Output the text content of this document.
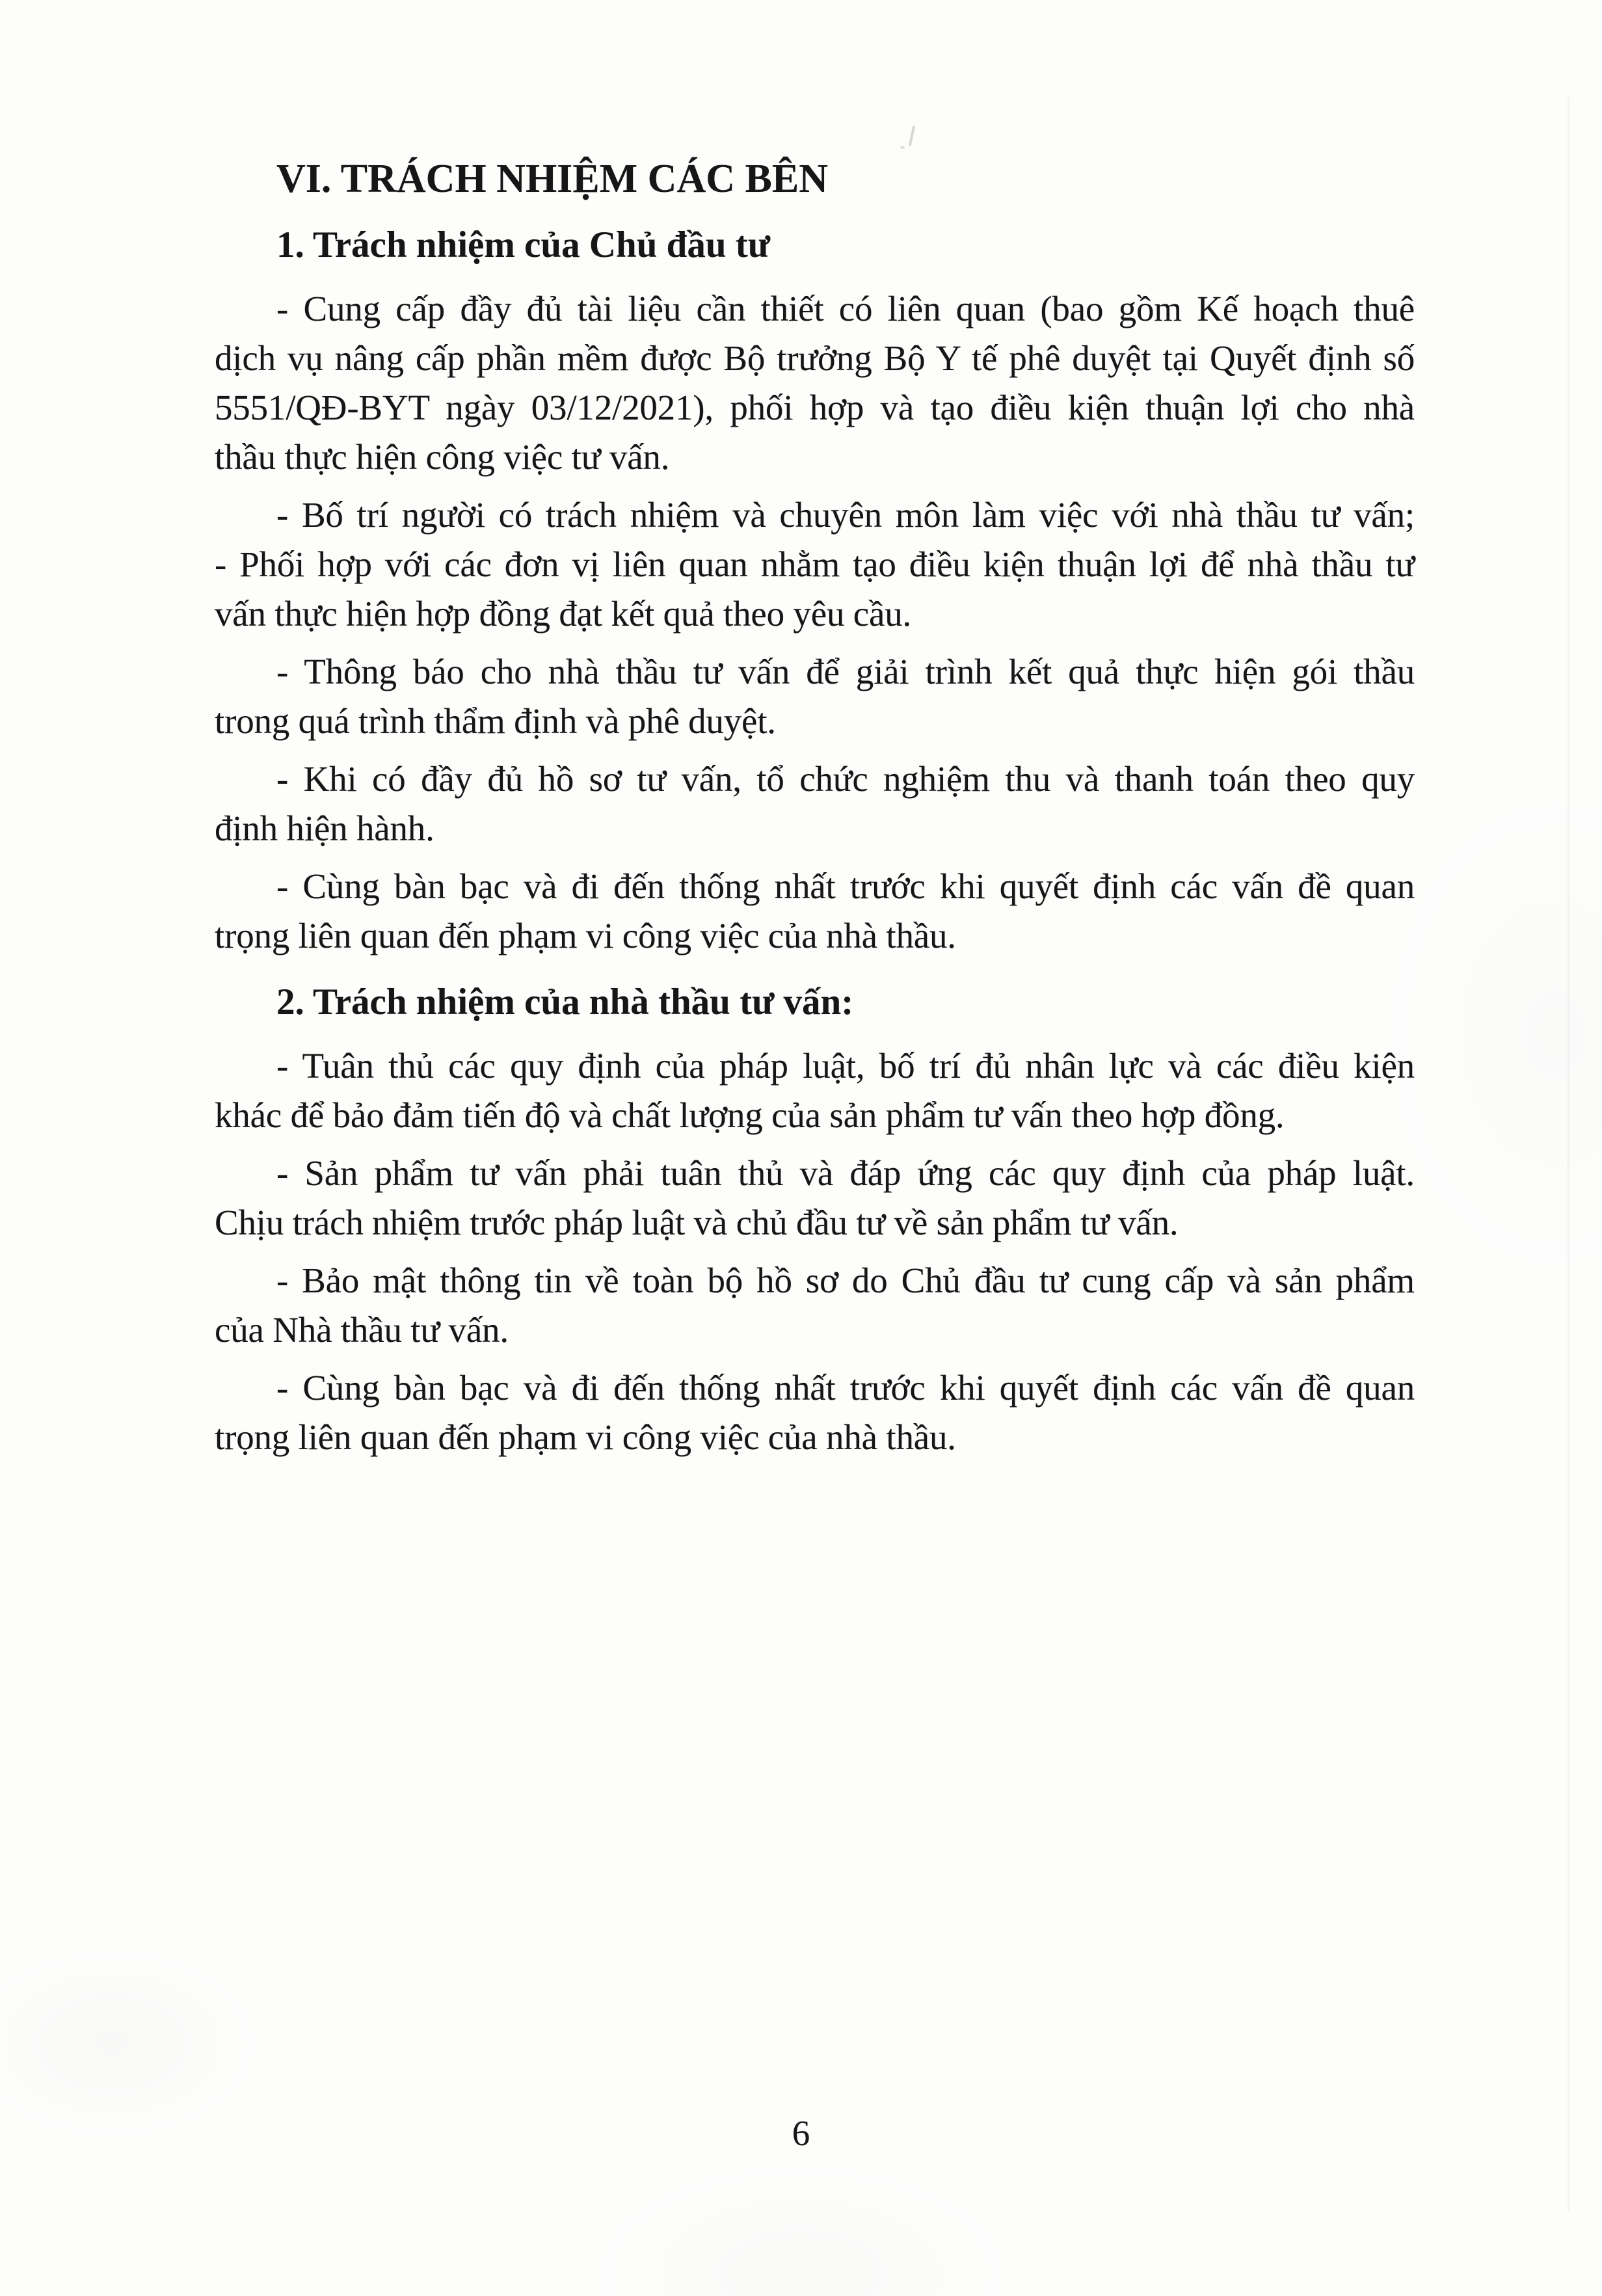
VI. TRÁCH NHIỆM CÁC BÊN
1. Trách nhiệm của Chủ đầu tư
- Cung cấp đầy đủ tài liệu cần thiết có liên quan (bao gồm Kế hoạch thuê
dịch vụ nâng cấp phần mềm được Bộ trưởng Bộ Y tế phê duyệt tại Quyết định số
5551/QĐ-BYT ngày 03/12/2021), phối hợp và tạo điều kiện thuận lợi cho nhà
thầu thực hiện công việc tư vấn.
- Bố trí người có trách nhiệm và chuyên môn làm việc với nhà thầu tư vấn;
- Phối hợp với các đơn vị liên quan nhằm tạo điều kiện thuận lợi để nhà thầu tư
vấn thực hiện hợp đồng đạt kết quả theo yêu cầu.
- Thông báo cho nhà thầu tư vấn để giải trình kết quả thực hiện gói thầu
trong quá trình thẩm định và phê duyệt.
- Khi có đầy đủ hồ sơ tư vấn, tổ chức nghiệm thu và thanh toán theo quy
định hiện hành.
- Cùng bàn bạc và đi đến thống nhất trước khi quyết định các vấn đề quan
trọng liên quan đến phạm vi công việc của nhà thầu.
2. Trách nhiệm của nhà thầu tư vấn:
- Tuân thủ các quy định của pháp luật, bố trí đủ nhân lực và các điều kiện
khác để bảo đảm tiến độ và chất lượng của sản phẩm tư vấn theo hợp đồng.
- Sản phẩm tư vấn phải tuân thủ và đáp ứng các quy định của pháp luật.
Chịu trách nhiệm trước pháp luật và chủ đầu tư về sản phẩm tư vấn.
- Bảo mật thông tin về toàn bộ hồ sơ do Chủ đầu tư cung cấp và sản phẩm
của Nhà thầu tư vấn.
- Cùng bàn bạc và đi đến thống nhất trước khi quyết định các vấn đề quan
trọng liên quan đến phạm vi công việc của nhà thầu.
6
